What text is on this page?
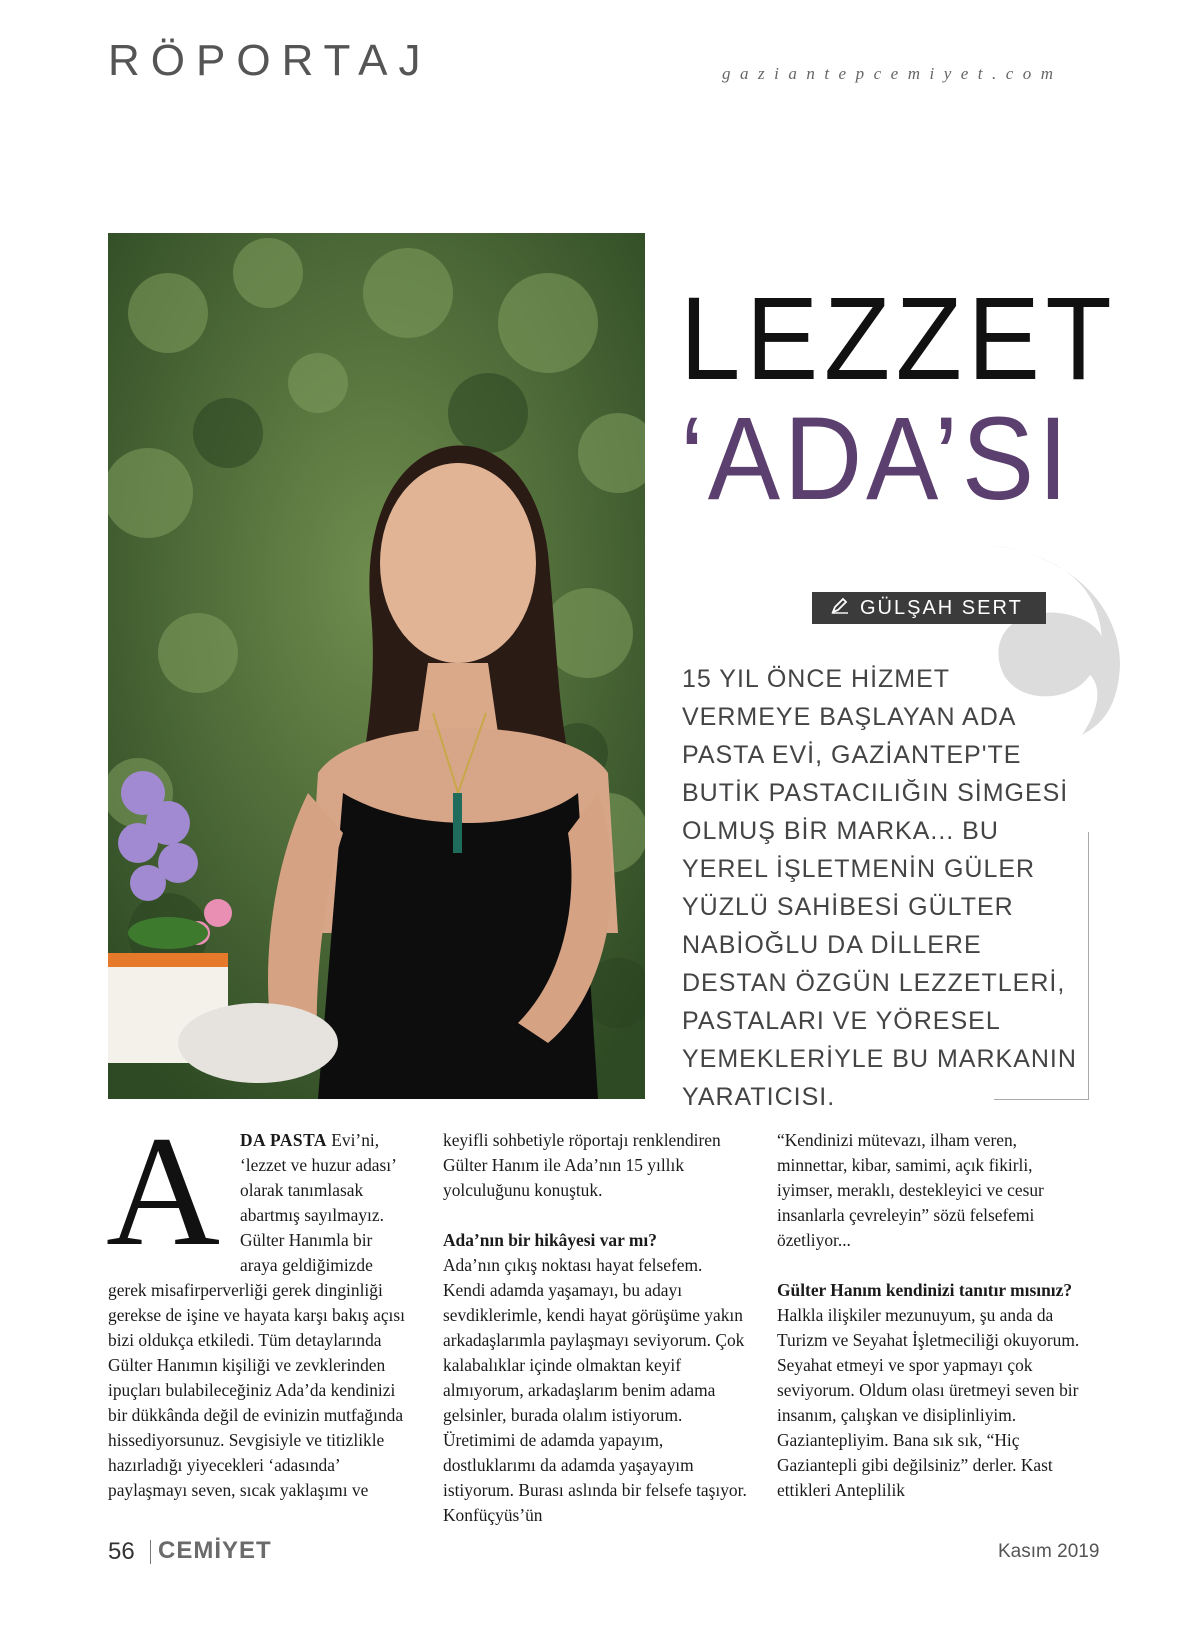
RÖPORTAJ	gaziantepcemiyet.com
LEZZET
‘ADA’SI
GÜLŞAH SERT
15 YIL ÖNCE HİZMET VERMEYE BAŞLAYAN ADA PASTA EVİ, GAZİANTEP'TE BUTİK PASTACILIĞIN SİMGESİ OLMUŞ BİR MARKA... BU YEREL İŞLETMENİN GÜLER YÜZLÜ SAHİBESİ GÜLTER NABİOĞLU DA DİLLERE DESTAN ÖZGÜN LEZZETLERİ, PASTALARI VE YÖRESEL YEMEKLERİYLE BU MARKANIN YARATICISI.

A	DA PASTA Evi’ni, ‘lezzet ve huzur adası’ olarak tanımlasak abartmış sayılmayız. Gülter Hanımla bir araya geldiğimizde gerek misafirperverliği gerek dinginliği gerekse de işine ve hayata karşı bakış açısı bizi oldukça etkiledi. Tüm detaylarında Gülter Hanımın kişiliği ve zevklerinden ipuçları bulabileceğiniz Ada’da kendinizi bir dükkânda değil de evinizin mutfağında hissediyorsunuz. Sevgisiyle ve titizlikle hazırladığı yiyecekleri ‘adasında’ paylaşmayı seven, sıcak yaklaşımı ve

keyifli sohbetiyle röportajı renklendiren Gülter Hanım ile Ada’nın 15 yıllık yolculuğunu konuştuk.

Ada’nın bir hikâyesi var mı?

Ada’nın çıkış noktası hayat felsefem. Kendi adamda yaşamayı, bu adayı sevdiklerimle, kendi hayat görüşüme yakın arkadaşlarımla paylaşmayı seviyorum. Çok kalabalıklar içinde olmaktan keyif almıyorum, arkadaşlarım benim adama gelsinler, burada olalım istiyorum. Üretimimi de adamda yapayım, dostluklarımı da adamda yaşayayım istiyorum. Burası aslında bir felsefe taşıyor. Konfüçyüs’ün

“Kendinizi mütevazı, ilham veren, minnettar, kibar, samimi, açık fikirli, iyimser, meraklı, destekleyici ve cesur insanlarla çevreleyin” sözü felsefemi özetliyor...

Gülter Hanım kendinizi tanıtır mısınız?

Halkla ilişkiler mezunuyum, şu anda da Turizm ve Seyahat İşletmeciliği okuyorum. Seyahat etmeyi ve spor yapmayı çok seviyorum. Oldum olası üretmeyi seven bir insanım, çalışkan ve disiplinliyim. Gaziantepliyim. Bana sık sık, “Hiç Gaziantepli gibi değilsiniz” derler. Kast ettikleri Anteplilik

56 CEMİYET	Kasım 2019
